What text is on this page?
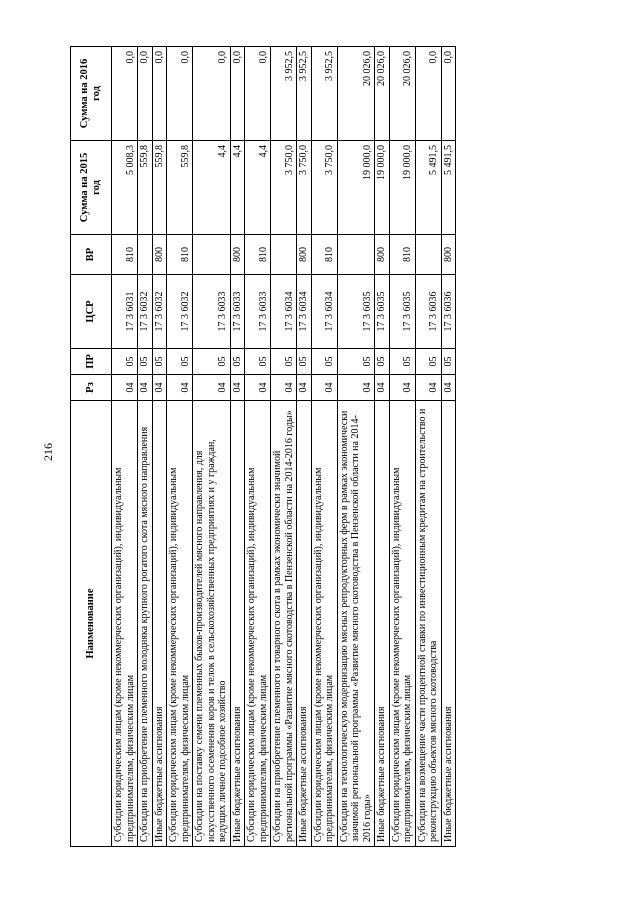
216
Наименование	Рз	ПР	ЦСР	ВР	Сумма на 2015 год	Сумма на 2016 год
Субсидии юридическим лицам (кроме некоммерческих организаций), индивидуальным предпринимателям, физическим лицам	04	05	17 3 6031	810	5 008,3	0,0
Субсидии на приобретение племенного молодняка крупного рогатого скота мясного направления	04	05	17 3 6032		559,8	0,0
Иные бюджетные ассигнования	04	05	17 3 6032	800	559,8	0,0
Субсидии юридическим лицам (кроме некоммерческих организаций), индивидуальным предпринимателям, физическим лицам	04	05	17 3 6032	810	559,8	0,0
Субсидии на поставку семени племенных быков-производителей мясного направления, для искусственного осеменения коров и телок в сельскохозяйственных предприятиях и у граждан, ведущих личное подсобное хозяйство	04	05	17 3 6033		4,4	0,0
Иные бюджетные ассигнования	04	05	17 3 6033	800	4,4	0,0
Субсидии юридическим лицам (кроме некоммерческих организаций), индивидуальным предпринимателям, физическим лицам	04	05	17 3 6033	810	4,4	0,0
Субсидии на приобретение племенного и товарного скота в рамках экономически значимой региональной программы «Развитие мясного скотоводства в Пензенской области на 2014-2016 годы»	04	05	17 3 6034		3 750,0	3 952,5
Иные бюджетные ассигнования	04	05	17 3 6034	800	3 750,0	3 952,5
Субсидии юридическим лицам (кроме некоммерческих организаций), индивидуальным предпринимателям, физическим лицам	04	05	17 3 6034	810	3 750,0	3 952,5
Субсидии на технологическую модернизацию мясных репродукторных ферм в рамках экономически значимой региональной программы «Развитие мясного скотоводства в Пензенской области на 2014-2016 годы»	04	05	17 3 6035		19 000,0	20 026,0
Иные бюджетные ассигнования	04	05	17 3 6035	800	19 000,0	20 026,0
Субсидии юридическим лицам (кроме некоммерческих организаций), индивидуальным предпринимателям, физическим лицам	04	05	17 3 6035	810	19 000,0	20 026,0
Субсидии на возмещение части процентной ставки по инвестиционным кредитам на строительство и реконструкцию объектов мясного скотоводства	04	05	17 3 6036		5 491,5	0,0
Иные бюджетные ассигнования	04	05	17 3 6036	800	5 491,5	0,0
